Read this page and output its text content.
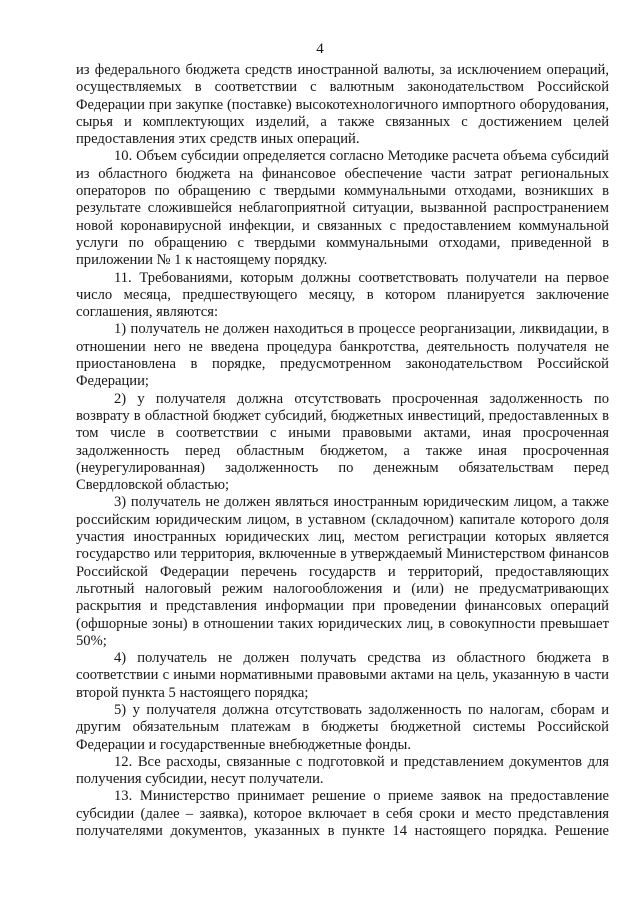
4

из федерального бюджета средств иностранной валюты, за исключением операций, осуществляемых в соответствии с валютным законодательством Российской Федерации при закупке (поставке) высокотехнологичного импортного оборудования, сырья и комплектующих изделий, а также связанных с достижением целей предоставления этих средств иных операций.

10. Объем субсидии определяется согласно Методике расчета объема субсидий из областного бюджета на финансовое обеспечение части затрат региональных операторов по обращению с твердыми коммунальными отходами, возникших в результате сложившейся неблагоприятной ситуации, вызванной распространением новой коронавирусной инфекции, и связанных с предоставлением коммунальной услуги по обращению с твердыми коммунальными отходами, приведенной в приложении № 1 к настоящему порядку.

11. Требованиями, которым должны соответствовать получатели на первое число месяца, предшествующего месяцу, в котором планируется заключение соглашения, являются:

1) получатель не должен находиться в процессе реорганизации, ликвидации, в отношении него не введена процедура банкротства, деятельность получателя не приостановлена в порядке, предусмотренном законодательством Российской Федерации;

2) у получателя должна отсутствовать просроченная задолженность по возврату в областной бюджет субсидий, бюджетных инвестиций, предоставленных в том числе в соответствии с иными правовыми актами, иная просроченная задолженность перед областным бюджетом, а также иная просроченная (неурегулированная) задолженность по денежным обязательствам перед Свердловской областью;

3) получатель не должен являться иностранным юридическим лицом, а также российским юридическим лицом, в уставном (складочном) капитале которого доля участия иностранных юридических лиц, местом регистрации которых является государство или территория, включенные в утверждаемый Министерством финансов Российской Федерации перечень государств и территорий, предоставляющих льготный налоговый режим налогообложения и (или) не предусматривающих раскрытия и представления информации при проведении финансовых операций (офшорные зоны) в отношении таких юридических лиц, в совокупности превышает 50%;

4) получатель не должен получать средства из областного бюджета в соответствии с иными нормативными правовыми актами на цель, указанную в части второй пункта 5 настоящего порядка;

5) у получателя должна отсутствовать задолженность по налогам, сборам и другим обязательным платежам в бюджеты бюджетной системы Российской Федерации и государственные внебюджетные фонды.

12. Все расходы, связанные с подготовкой и представлением документов для получения субсидии, несут получатели.

13. Министерство принимает решение о приеме заявок на предоставление субсидии (далее – заявка), которое включает в себя сроки и место представления получателями документов, указанных в пункте 14 настоящего порядка. Решение
